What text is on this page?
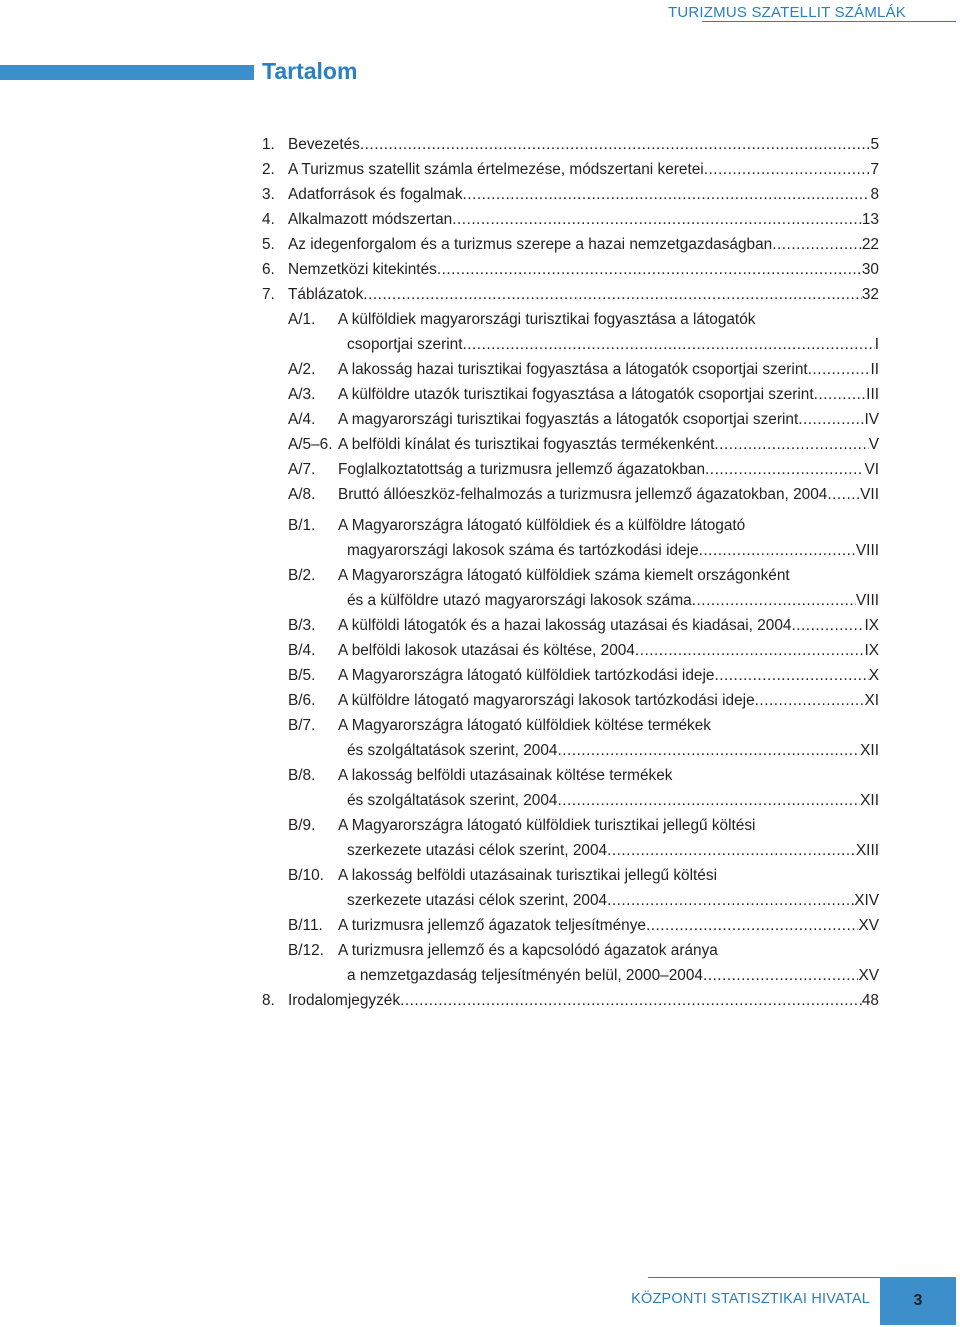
TURIZMUS SZATELLIT SZÁMLÁK
Tartalom
1. Bevezetés .....	5
2. A Turizmus szatellit számla értelmezése, módszertani keretei .....	7
3. Adatforrások és fogalmak .....	8
4. Alkalmazott módszertan .....	13
5. Az idegenforgalom és a turizmus szerepe a hazai nemzetgazdaságban .....	22
6. Nemzetközi kitekintés .....	30
7. Táblázatok .....	32
A/1.	A külföldiek magyarországi turisztikai fogyasztása a látogatók
csoportjai szerint .....	I
A/2.	A lakosság hazai turisztikai fogyasztása a látogatók csoportjai szerint .....	II
A/3.	A külföldre utazók turisztikai fogyasztása a látogatók csoportjai szerint .....	III
A/4.	A magyarországi turisztikai fogyasztás a látogatók csoportjai szerint .....	IV
A/5–6. A belföldi kínálat és turisztikai fogyasztás termékenként .....	V
A/7.	Foglalkoztatottság a turizmusra jellemző ágazatokban .....	VI
A/8.	Bruttó állóeszköz-felhalmozás a turizmusra jellemző ágazatokban, 2004 ..... VII
B/1.	A Magyarországra látogató külföldiek és a külföldre látogató
magyarországi lakosok száma és tartózkodási ideje .....	VIII
B/2.	A Magyarországra látogató külföldiek száma kiemelt országonként
és a külföldre utazó magyarországi lakosok száma .....	VIII
B/3.	A külföldi látogatók és a hazai lakosság utazásai és kiadásai, 2004 .....	IX
B/4.	A belföldi lakosok utazásai és költése, 2004 .....	IX
B/5.	A Magyarországra látogató külföldiek tartózkodási ideje .....	X
B/6.	A külföldre látogató magyarországi lakosok tartózkodási ideje .....	XI
B/7.	A Magyarországra látogató külföldiek költése termékek
és szolgáltatások szerint, 2004 .....	XII
B/8.	A lakosság belföldi utazásainak költése termékek
és szolgáltatások szerint, 2004 .....	XII
B/9.	A Magyarországra látogató külföldiek turisztikai jellegű költési
szerkezete utazási célok szerint, 2004 .....	XIII
B/10. A lakosság belföldi utazásainak turisztikai jellegű költési
szerkezete utazási célok szerint, 2004 .....	XIV
B/11. A turizmusra jellemző ágazatok teljesítménye .....	XV
B/12. A turizmusra jellemző és a kapcsolódó ágazatok aránya
a nemzetgazdaság teljesítményén belül, 2000–2004 .....	XV
8. Irodalomjegyzék .....	48
KÖZPONTI STATISZTIKAI HIVATAL	3
